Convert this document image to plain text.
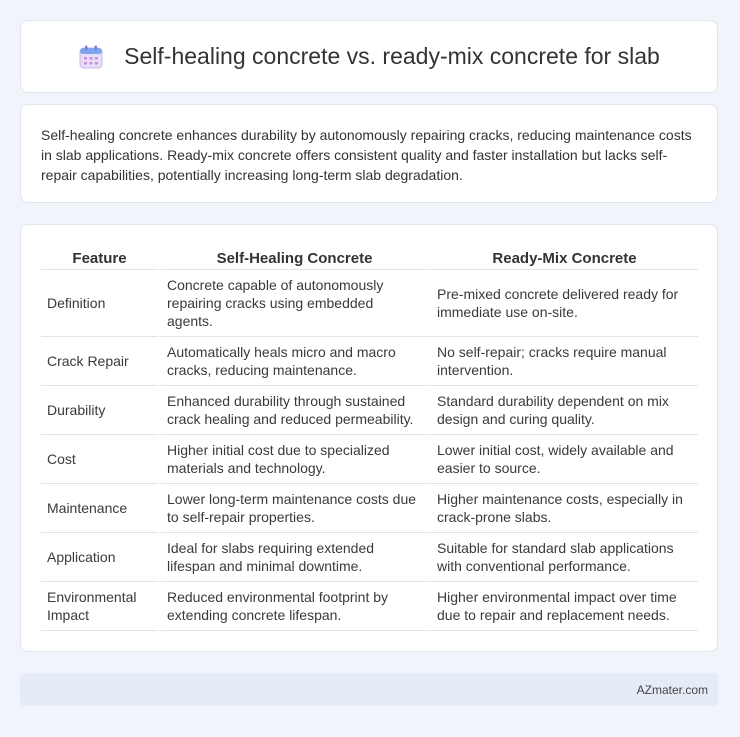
Self-healing concrete vs. ready-mix concrete for slab

Self-healing concrete enhances durability by autonomously repairing cracks, reducing maintenance costs in slab applications. Ready-mix concrete offers consistent quality and faster installation but lacks self-repair capabilities, potentially increasing long-term slab degradation.

Feature	Self-Healing Concrete	Ready-Mix Concrete
Definition	Concrete capable of autonomously repairing cracks using embedded agents.	Pre-mixed concrete delivered ready for immediate use on-site.
Crack Repair	Automatically heals micro and macro cracks, reducing maintenance.	No self-repair; cracks require manual intervention.
Durability	Enhanced durability through sustained crack healing and reduced permeability.	Standard durability dependent on mix design and curing quality.
Cost	Higher initial cost due to specialized materials and technology.	Lower initial cost, widely available and easier to source.
Maintenance	Lower long-term maintenance costs due to self-repair properties.	Higher maintenance costs, especially in crack-prone slabs.
Application	Ideal for slabs requiring extended lifespan and minimal downtime.	Suitable for standard slab applications with conventional performance.
Environmental Impact	Reduced environmental footprint by extending concrete lifespan.	Higher environmental impact over time due to repair and replacement needs.
AZmater.com
